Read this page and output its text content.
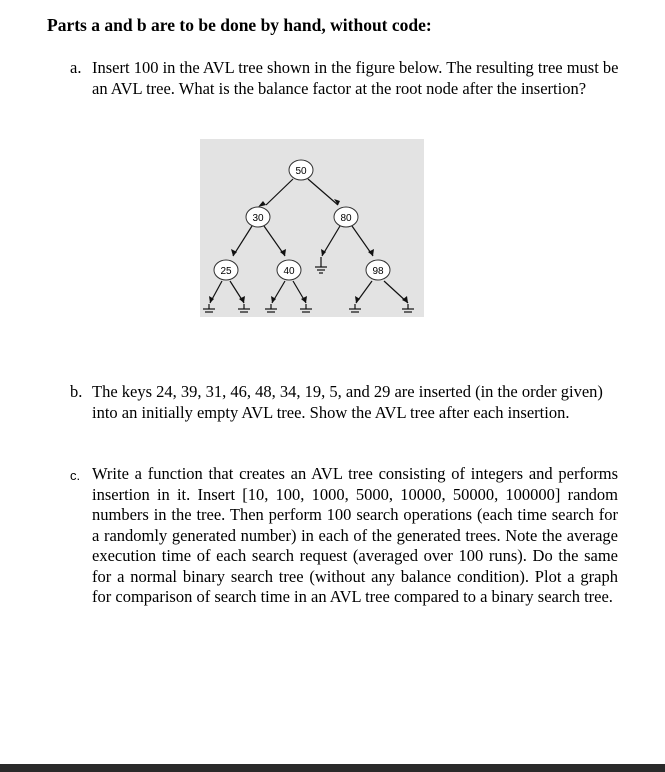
Parts a and b are to be done by hand, without code:
a. Insert 100 in the AVL tree shown in the figure below. The resulting tree must be an AVL tree. What is the balance factor at the root node after the insertion?
50
30	80
25	40	98
b. The keys 24, 39, 31, 46, 48, 34, 19, 5, and 29 are inserted (in the order given) into an initially empty AVL tree. Show the AVL tree after each insertion.
c. Write a function that creates an AVL tree consisting of integers and performs insertion in it. Insert [10, 100, 1000, 5000, 10000, 50000, 100000] random numbers in the tree. Then perform 100 search operations (each time search for a randomly generated number) in each of the generated trees. Note the average execution time of each search request (averaged over 100 runs). Do the same for a normal binary search tree (without any balance condition). Plot a graph for comparison of search time in an AVL tree compared to a binary search tree.
